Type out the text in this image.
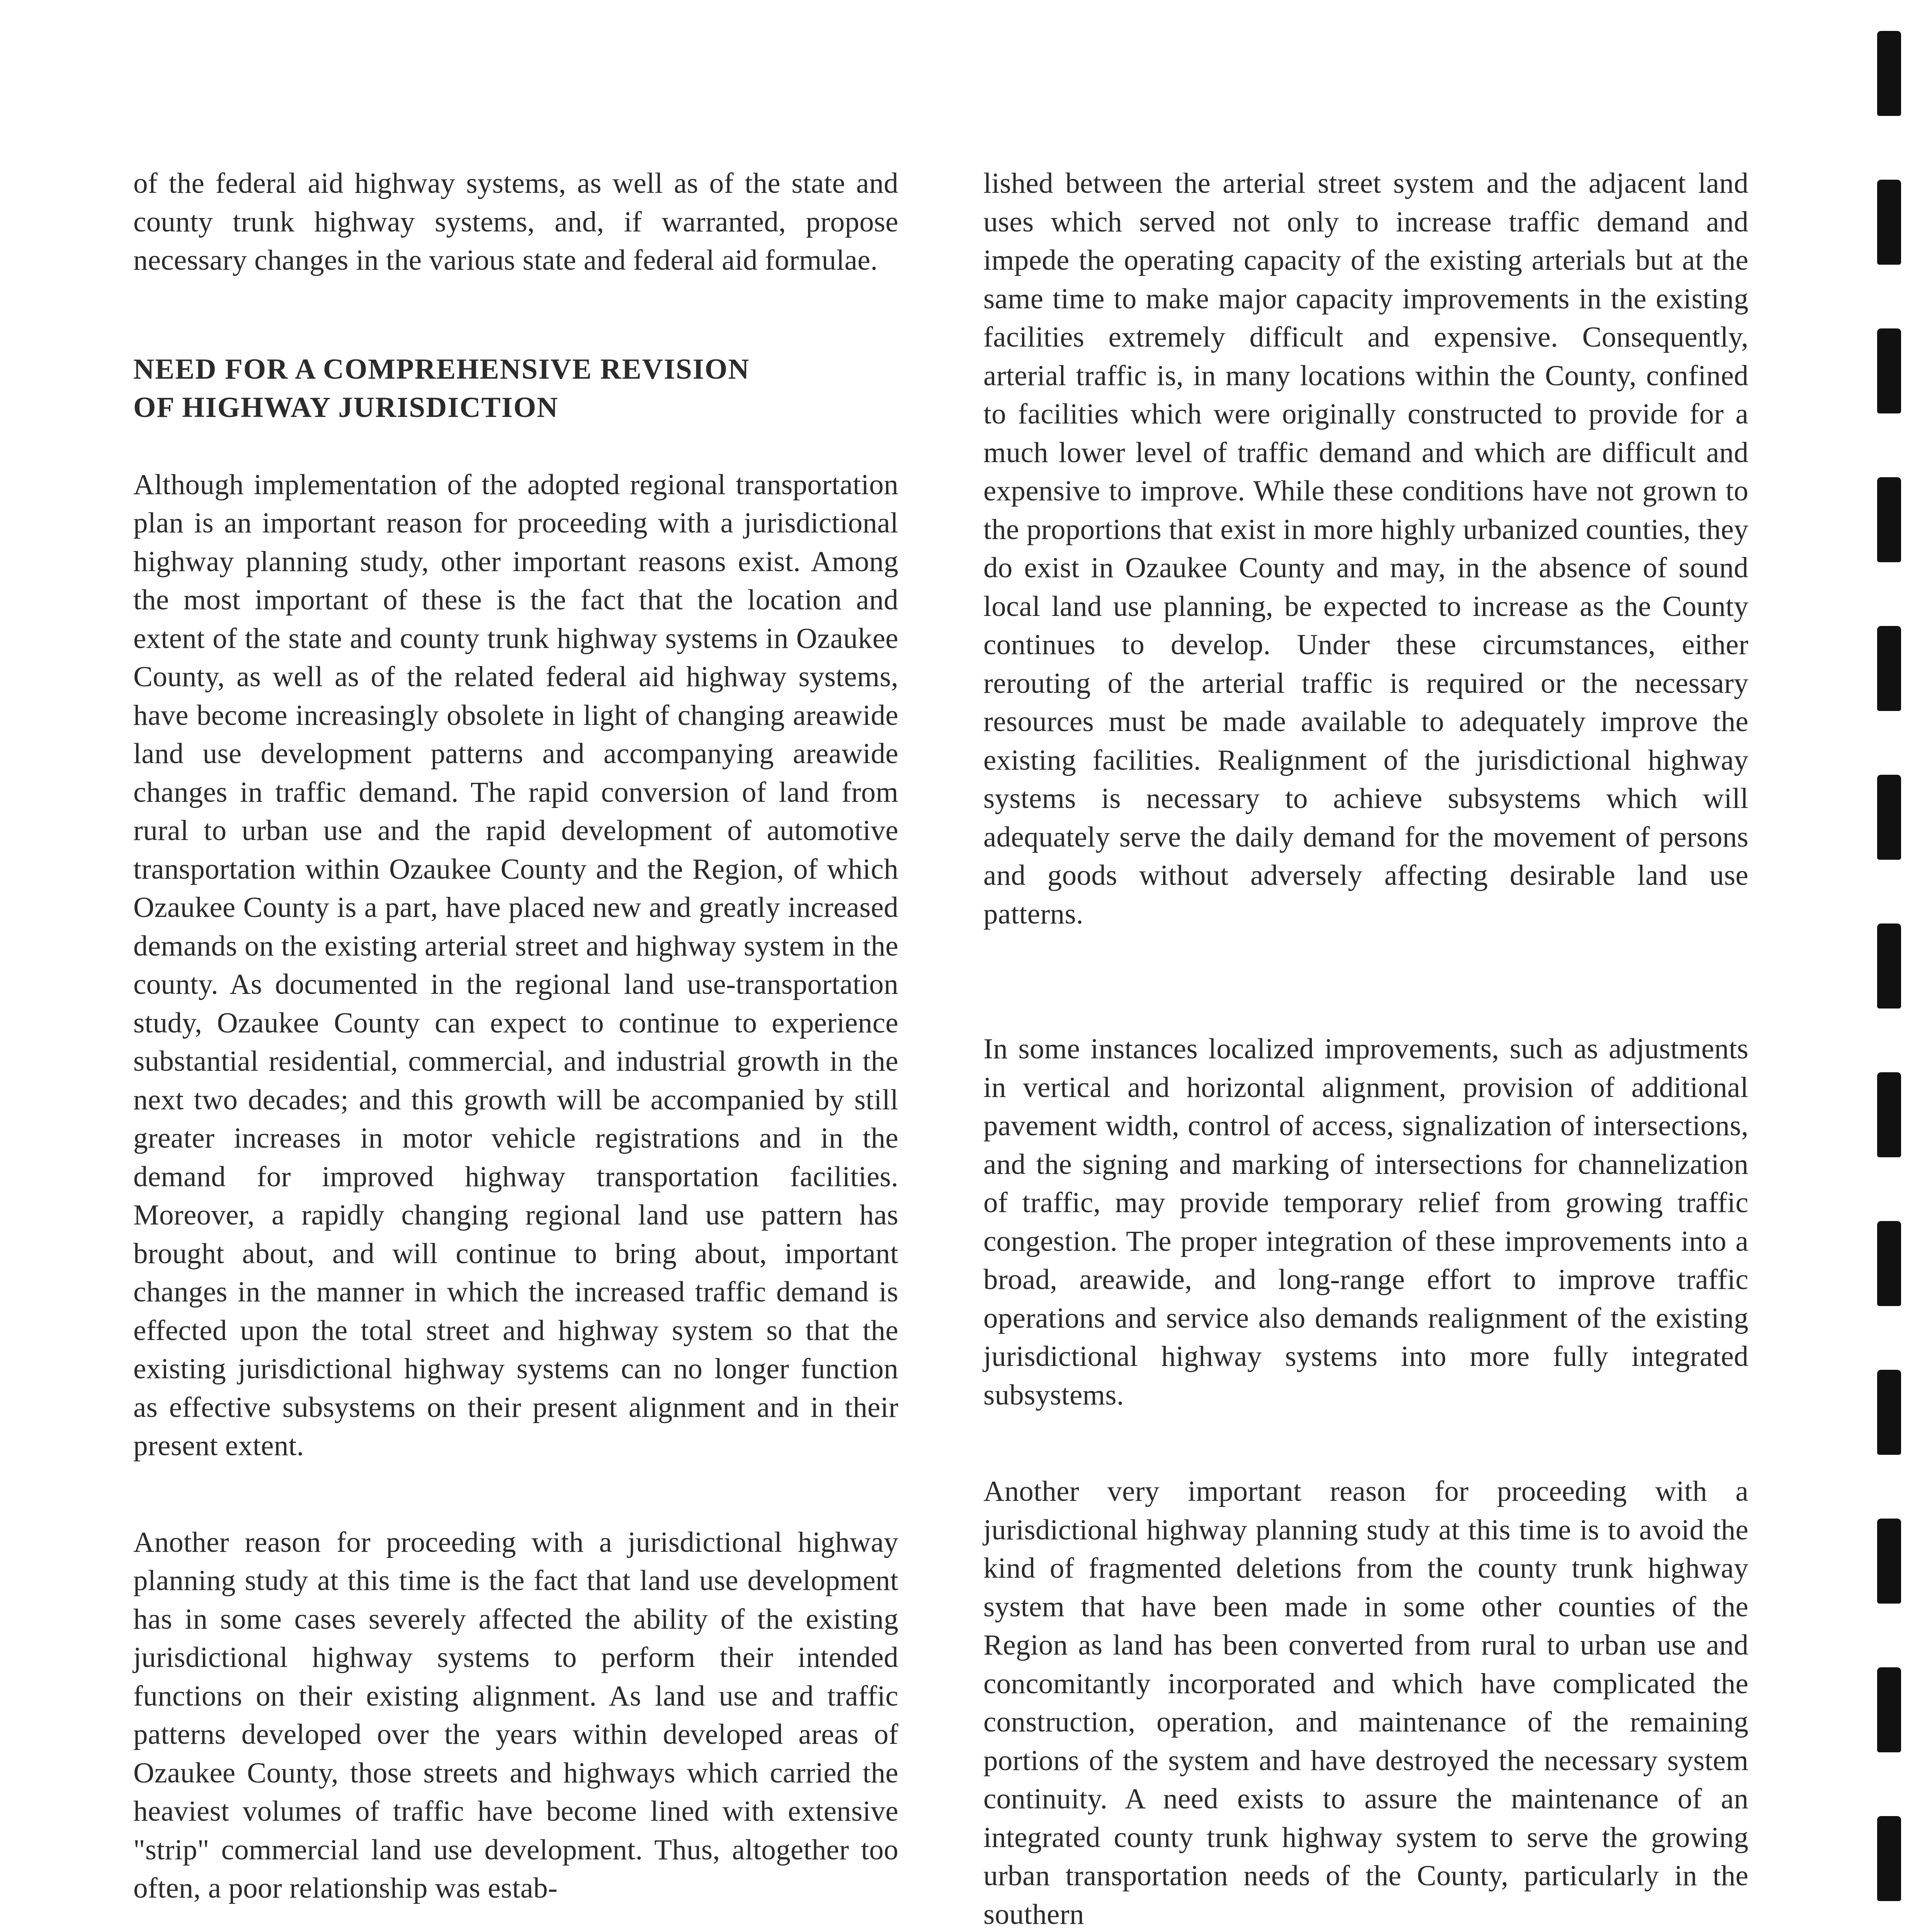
of the federal aid highway systems, as well as of the state and county trunk highway systems, and, if warranted, propose necessary changes in the various state and federal aid formulae.

NEED FOR A COMPREHENSIVE REVISION
OF HIGHWAY JURISDICTION

Although implementation of the adopted regional transportation plan is an important reason for proceeding with a jurisdictional highway planning study, other important reasons exist. Among the most important of these is the fact that the location and extent of the state and county trunk highway systems in Ozaukee County, as well as of the related federal aid highway systems, have become increasingly obsolete in light of changing areawide land use development patterns and accompanying areawide changes in traffic demand. The rapid conversion of land from rural to urban use and the rapid development of automotive transportation within Ozaukee County and the Region, of which Ozaukee County is a part, have placed new and greatly increased demands on the existing arterial street and highway system in the county. As documented in the regional land use-transportation study, Ozaukee County can expect to continue to experience substantial residential, commercial, and industrial growth in the next two decades; and this growth will be accompanied by still greater increases in motor vehicle registrations and in the demand for improved highway transportation facilities. Moreover, a rapidly changing regional land use pattern has brought about, and will continue to bring about, important changes in the manner in which the increased traffic demand is effected upon the total street and highway system so that the existing jurisdictional highway systems can no longer function as effective subsystems on their present alignment and in their present extent.

Another reason for proceeding with a jurisdictional highway planning study at this time is the fact that land use development has in some cases severely affected the ability of the existing jurisdictional highway systems to perform their intended functions on their existing alignment. As land use and traffic patterns developed over the years within developed areas of Ozaukee County, those streets and highways which carried the heaviest volumes of traffic have become lined with extensive "strip" commercial land use development. Thus, altogether too often, a poor relationship was estab-

lished between the arterial street system and the adjacent land uses which served not only to increase traffic demand and impede the operating capacity of the existing arterials but at the same time to make major capacity improvements in the existing facilities extremely difficult and expensive. Consequently, arterial traffic is, in many locations within the County, confined to facilities which were originally constructed to provide for a much lower level of traffic demand and which are difficult and expensive to improve. While these conditions have not grown to the proportions that exist in more highly urbanized counties, they do exist in Ozaukee County and may, in the absence of sound local land use planning, be expected to increase as the County continues to develop. Under these circumstances, either rerouting of the arterial traffic is required or the necessary resources must be made available to adequately improve the existing facilities. Realignment of the jurisdictional highway systems is necessary to achieve subsystems which will adequately serve the daily demand for the movement of persons and goods without adversely affecting desirable land use patterns.

In some instances localized improvements, such as adjustments in vertical and horizontal alignment, provision of additional pavement width, control of access, signalization of intersections, and the signing and marking of intersections for channelization of traffic, may provide temporary relief from growing traffic congestion. The proper integration of these improvements into a broad, areawide, and long-range effort to improve traffic operations and service also demands realignment of the existing jurisdictional highway systems into more fully integrated subsystems.

Another very important reason for proceeding with a jurisdictional highway planning study at this time is to avoid the kind of fragmented deletions from the county trunk highway system that have been made in some other counties of the Region as land has been converted from rural to urban use and concomitantly incorporated and which have complicated the construction, operation, and maintenance of the remaining portions of the system and have destroyed the necessary system continuity. A need exists to assure the maintenance of an integrated county trunk highway system to serve the growing urban transportation needs of the County, particularly in the southern
